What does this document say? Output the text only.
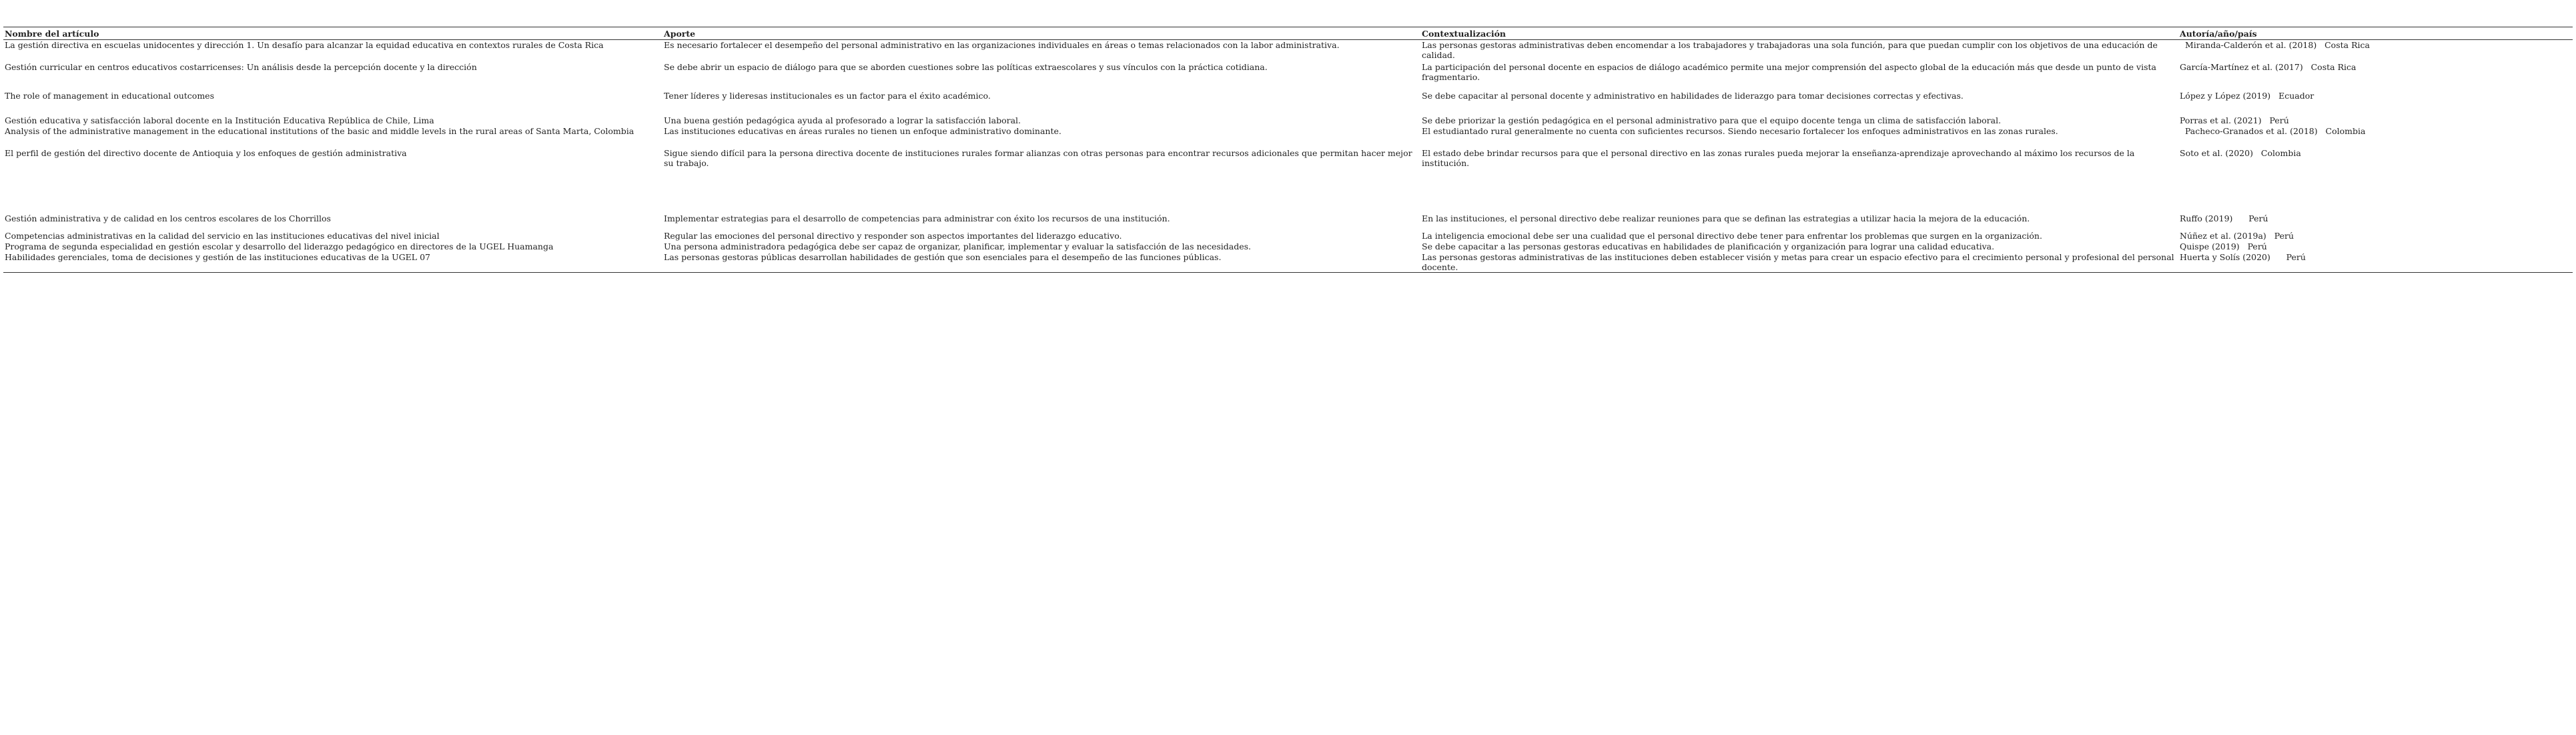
Nombre del artículo	Aporte	Contextualización	Autoría/año/país
La gestión directiva en escuelas unidocentes y dirección 1. Un desafío para alcanzar la equidad educativa en contextos rurales de Costa Rica	Es necesario fortalecer el desempeño del personal administrativo en las organizaciones individuales en áreas o temas relacionados con la labor administrativa.	Las personas gestoras administrativas deben encomendar a los trabajadores y trabajadoras una sola función, para que puedan cumplir con los objetivos de una educación de calidad.	Miranda-Calderón et al. (2018)   Costa Rica
Gestión curricular en centros educativos costarricenses: Un análisis desde la percepción docente y la dirección	Se debe abrir un espacio de diálogo para que se aborden cuestiones sobre las políticas extraescolares y sus vínculos con la práctica cotidiana.	La participación del personal docente en espacios de diálogo académico permite una mejor comprensión del aspecto global de la educación más que desde un punto de vista fragmentario.	García-Martínez et al. (2017)   Costa Rica
The role of management in educational outcomes	Tener líderes y lideresas institucionales es un factor para el éxito académico.	Se debe capacitar al personal docente y administrativo en habilidades de liderazgo para tomar decisiones correctas y efectivas.	López y López (2019)   Ecuador
Gestión educativa y satisfacción laboral docente en la Institución Educativa República de Chile, Lima	Una buena gestión pedagógica ayuda al profesorado a lograr la satisfacción laboral.	Se debe priorizar la gestión pedagógica en el personal administrativo para que el equipo docente tenga un clima de satisfacción laboral.	Porras et al. (2021)   Perú
Analysis of the administrative management in the educational institutions of the basic and middle levels in the rural areas of Santa Marta, Colombia	Las instituciones educativas en áreas rurales no tienen un enfoque administrativo dominante.	El estudiantado rural generalmente no cuenta con suficientes recursos. Siendo necesario fortalecer los enfoques administrativos en las zonas rurales.	Pacheco-Granados et al. (2018)   Colombia
El perfil de gestión del directivo docente de Antioquia y los enfoques de gestión administrativa	Sigue siendo difícil para la persona directiva docente de instituciones rurales formar alianzas con otras personas para encontrar recursos adicionales que permitan hacer mejor su trabajo.	El estado debe brindar recursos para que el personal directivo en las zonas rurales pueda mejorar la enseñanza-aprendizaje aprovechando al máximo los recursos de la institución.	Soto et al. (2020)   Colombia
Gestión administrativa y de calidad en los centros escolares de los Chorrillos	Implementar estrategias para el desarrollo de competencias para administrar con éxito los recursos de una institución.	En las instituciones, el personal directivo debe realizar reuniones para que se definan las estrategias a utilizar hacia la mejora de la educación.	Ruffo (2019)      Perú
Competencias administrativas en la calidad del servicio en las instituciones educativas del nivel inicial	Regular las emociones del personal directivo y responder son aspectos importantes del liderazgo educativo.	La inteligencia emocional debe ser una cualidad que el personal directivo debe tener para enfrentar los problemas que surgen en la organización.	Núñez et al. (2019a)   Perú
Programa de segunda especialidad en gestión escolar y desarrollo del liderazgo pedagógico en directores de la UGEL Huamanga	Una persona administradora pedagógica debe ser capaz de organizar, planificar, implementar y evaluar la satisfacción de las necesidades.	Se debe capacitar a las personas gestoras educativas en habilidades de planificación y organización para lograr una calidad educativa.	Quispe (2019)   Perú
Habilidades gerenciales, toma de decisiones y gestión de las instituciones educativas de la UGEL 07	Las personas gestoras públicas desarrollan habilidades de gestión que son esenciales para el desempeño de las funciones públicas.	Las personas gestoras administrativas de las instituciones deben establecer visión y metas para crear un espacio efectivo para el crecimiento personal y profesional del personal docente.	Huerta y Solís (2020)      Perú
